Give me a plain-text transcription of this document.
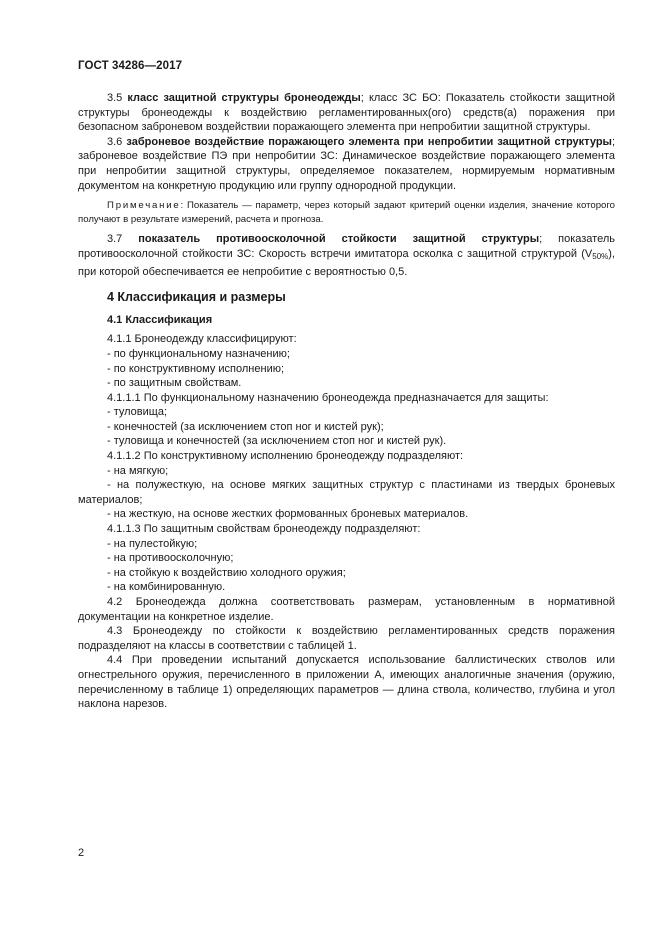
ГОСТ 34286—2017

3.5 класс защитной структуры бронеодежды; класс ЗС БО: Показатель стойкости защитной структуры бронеодежды к воздействию регламентированных(ого) средств(а) поражения при безопасном заброневом воздействии поражающего элемента при непробитии защитной структуры.

3.6 заброневое воздействие поражающего элемента при непробитии защитной структуры; заброневое воздействие ПЭ при непробитии ЗС: Динамическое воздействие поражающего элемента при непробитии защитной структуры, определяемое показателем, нормируемым нормативным документом на конкретную продукцию или группу однородной продукции.

Примечание: Показатель — параметр, через который задают критерий оценки изделия, значение которого получают в результате измерений, расчета и прогноза.

3.7 показатель противоосколочной стойкости защитной структуры; показатель противоосколочной стойкости ЗС: Скорость встречи имитатора осколка с защитной структурой $(V_{50\%})$, при которой обеспечивается ее непробитие с вероятностью 0,5.

4 Классификация и размеры
4.1 Классификация

4.1.1 Бронеодежду классифицируют:

- по функциональному назначению;

- по конструктивному исполнению;

- по защитным свойствам.

4.1.1.1 По функциональному назначению бронеодежда предназначается для защиты:

- туловища;

- конечностей (за исключением стоп ног и кистей рук);

- туловища и конечностей (за исключением стоп ног и кистей рук).

4.1.1.2 По конструктивному исполнению бронеодежду подразделяют:

- на мягкую;

- на полужесткую, на основе мягких защитных структур с пластинами из твердых броневых материалов;

- на жесткую, на основе жестких формованных броневых материалов.

4.1.1.3 По защитным свойствам бронеодежду подразделяют:

- на пулестойкую;

- на противоосколочную;

- на стойкую к воздействию холодного оружия;

- на комбинированную.

4.2 Бронеодежда должна соответствовать размерам, установленным в нормативной документации на конкретное изделие.

4.3 Бронеодежду по стойкости к воздействию регламентированных средств поражения подразделяют на классы в соответствии с таблицей 1.

4.4 При проведении испытаний допускается использование баллистических стволов или огнестрельного оружия, перечисленного в приложении А, имеющих аналогичные значения (оружию, перечисленному в таблице 1) определяющих параметров — длина ствола, количество, глубина и угол наклона нарезов.

2
